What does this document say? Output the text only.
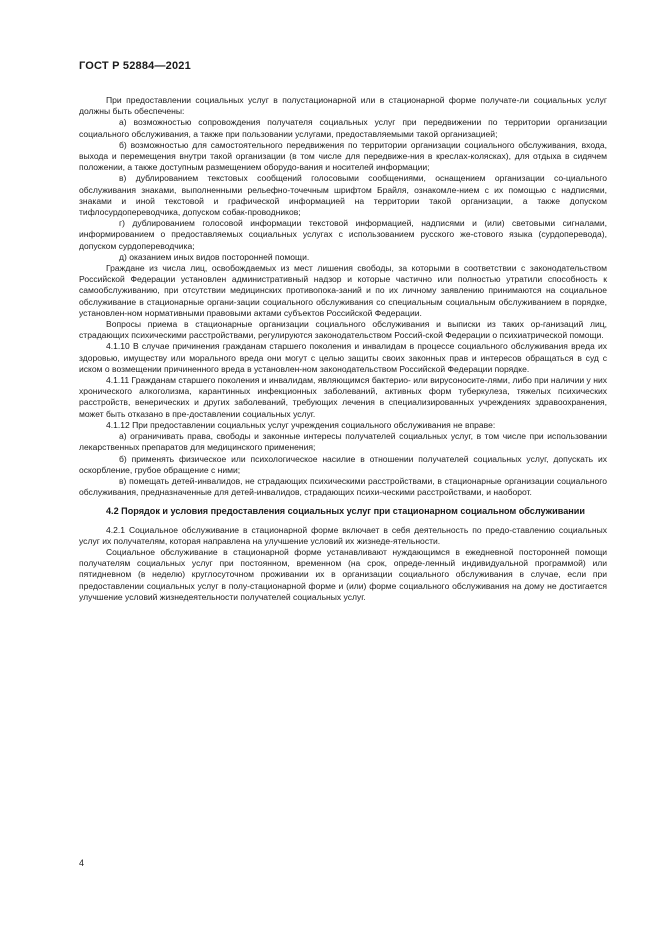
ГОСТ Р 52884—2021

При предоставлении социальных услуг в полустационарной или в стационарной форме получате-ли социальных услуг должны быть обеспечены:

а) возможностью сопровождения получателя социальных услуг при передвижении по территории организации социального обслуживания, а также при пользовании услугами, предоставляемыми такой организацией;

б) возможностью для самостоятельного передвижения по территории организации социального обслуживания, входа, выхода и перемещения внутри такой организации (в том числе для передвиже-ния в креслах-колясках), для отдыха в сидячем положении, а также доступным размещением оборудо-вания и носителей информации;

в) дублированием текстовых сообщений голосовыми сообщениями, оснащением организации со-циального обслуживания знаками, выполненными рельефно-точечным шрифтом Брайля, ознакомле-нием с их помощью с надписями, знаками и иной текстовой и графической информацией на территории такой организации, а также допуском тифлосурдопереводчика, допуском собак-проводников;

г) дублированием голосовой информации текстовой информацией, надписями и (или) световыми сигналами, информированием о предоставляемых социальных услугах с использованием русского же-стового языка (сурдоперевода), допуском сурдопереводчика;

д) оказанием иных видов посторонней помощи.

Граждане из числа лиц, освобождаемых из мест лишения свободы, за которыми в соответствии с законодательством Российской Федерации установлен административный надзор и которые частично или полностью утратили способность к самообслуживанию, при отсутствии медицинских противопока-заний и по их личному заявлению принимаются на социальное обслуживание в стационарные органи-зации социального обслуживания со специальным социальным обслуживанием в порядке, установлен-ном нормативными правовыми актами субъектов Российской Федерации.

Вопросы приема в стационарные организации социального обслуживания и выписки из таких ор-ганизаций лиц, страдающих психическими расстройствами, регулируются законодательством Россий-ской Федерации о психиатрической помощи.

4.1.10 В случае причинения гражданам старшего поколения и инвалидам в процессе социального обслуживания вреда их здоровью, имуществу или морального вреда они могут с целью защиты своих законных прав и интересов обращаться в суд с иском о возмещении причиненного вреда в установлен-ном законодательством Российской Федерации порядке.

4.1.11 Гражданам старшего поколения и инвалидам, являющимся бактерио- или вирусоносите-лями, либо при наличии у них хронического алкоголизма, карантинных инфекционных заболеваний, активных форм туберкулеза, тяжелых психических расстройств, венерических и других заболеваний, требующих лечения в специализированных учреждениях здравоохранения, может быть отказано в пре-доставлении социальных услуг.

4.1.12 При предоставлении социальных услуг учреждения социального обслуживания не вправе:

а) ограничивать права, свободы и законные интересы получателей социальных услуг, в том числе при использовании лекарственных препаратов для медицинского применения;

б) применять физическое или психологическое насилие в отношении получателей социальных услуг, допускать их оскорбление, грубое обращение с ними;

в) помещать детей-инвалидов, не страдающих психическими расстройствами, в стационарные организации социального обслуживания, предназначенные для детей-инвалидов, страдающих психи-ческими расстройствами, и наоборот.

4.2 Порядок и условия предоставления социальных услуг при стационарном социальном обслуживании

4.2.1 Социальное обслуживание в стационарной форме включает в себя деятельность по предо-ставлению социальных услуг их получателям, которая направлена на улучшение условий их жизнеде-ятельности.

Социальное обслуживание в стационарной форме устанавливают нуждающимся в ежедневной посторонней помощи получателям социальных услуг при постоянном, временном (на срок, опреде-ленный индивидуальной программой) или пятидневном (в неделю) круглосуточном проживании их в организации социального обслуживания в случае, если при предоставлении социальных услуг в полу-стационарной форме и (или) форме социального обслуживания на дому не достигается улучшение условий жизнедеятельности получателей социальных услуг.

4
